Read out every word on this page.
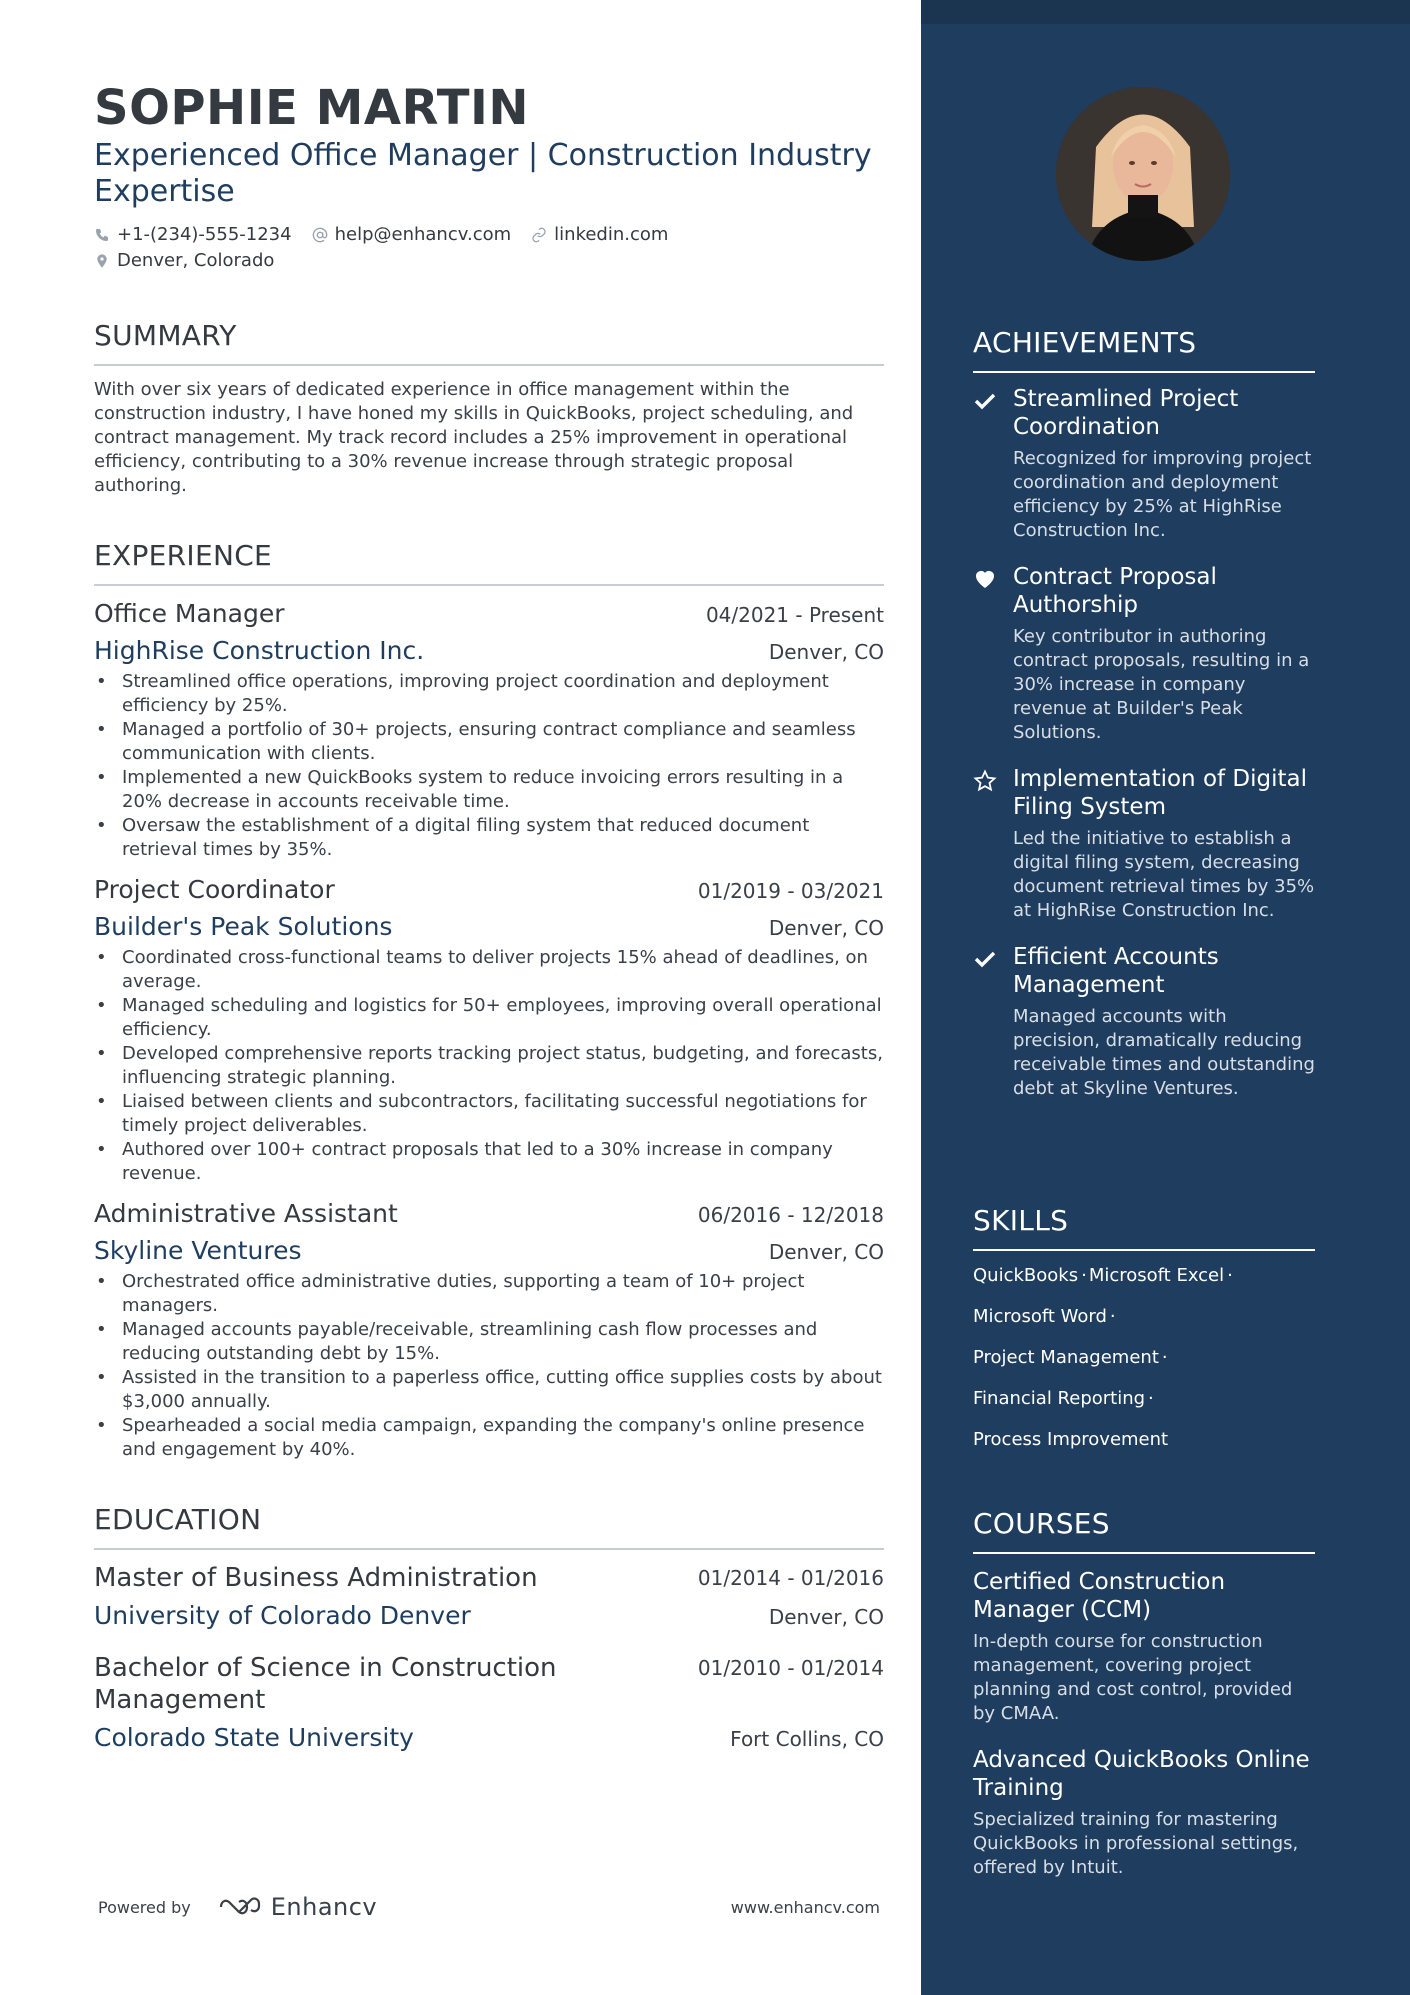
SOPHIE MARTIN
Experienced Office Manager | Construction Industry Expertise
+1-(234)-555-1234 help@enhancv.com linkedin.com
Denver, Colorado
SUMMARY

With over six years of dedicated experience in office management within the construction industry, I have honed my skills in QuickBooks, project scheduling, and contract management. My track record includes a 25% improvement in operational efficiency, contributing to a 30% revenue increase through strategic proposal authoring.

EXPERIENCE
Office Manager	04/2021 - Present
HighRise Construction Inc.	Denver, CO
• Streamlined office operations, improving project coordination and deployment efficiency by 25%.
• Managed a portfolio of 30+ projects, ensuring contract compliance and seamless communication with clients.
• Implemented a new QuickBooks system to reduce invoicing errors resulting in a 20% decrease in accounts receivable time.
• Oversaw the establishment of a digital filing system that reduced document retrieval times by 35%.
Project Coordinator	01/2019 - 03/2021
Builder's Peak Solutions	Denver, CO
• Coordinated cross-functional teams to deliver projects 15% ahead of deadlines, on average.
• Managed scheduling and logistics for 50+ employees, improving overall operational efficiency.
• Developed comprehensive reports tracking project status, budgeting, and forecasts, influencing strategic planning.
• Liaised between clients and subcontractors, facilitating successful negotiations for timely project deliverables.
• Authored over 100+ contract proposals that led to a 30% increase in company revenue.
Administrative Assistant	06/2016 - 12/2018
Skyline Ventures	Denver, CO
• Orchestrated office administrative duties, supporting a team of 10+ project managers.
• Managed accounts payable/receivable, streamlining cash flow processes and reducing outstanding debt by 15%.
• Assisted in the transition to a paperless office, cutting office supplies costs by about $3,000 annually.
• Spearheaded a social media campaign, expanding the company's online presence and engagement by 40%.
EDUCATION
Master of Business Administration	01/2014 - 01/2016
University of Colorado Denver	Denver, CO
Bachelor of Science in Construction Management
01/2010 - 01/2014
Colorado State University	Fort Collins, CO
Powered by	Enhancv	www.enhancv.com
ACHIEVEMENTS
Streamlined Project Coordination
Recognized for improving project coordination and deployment efficiency by 25% at HighRise Construction Inc.
Contract Proposal Authorship
Key contributor in authoring contract proposals, resulting in a 30% increase in company revenue at Builder's Peak Solutions.
Implementation of Digital Filing System
Led the initiative to establish a digital filing system, decreasing document retrieval times by 35% at HighRise Construction Inc.
Efficient Accounts Management
Managed accounts with precision, dramatically reducing receivable times and outstanding debt at Skyline Ventures.
SKILLS
QuickBooks · Microsoft Excel ·
Microsoft Word ·
Project Management ·
Financial Reporting ·
Process Improvement
COURSES
Certified Construction Manager (CCM)
In-depth course for construction management, covering project planning and cost control, provided by CMAA.
Advanced QuickBooks Online Training
Specialized training for mastering QuickBooks in professional settings, offered by Intuit.
